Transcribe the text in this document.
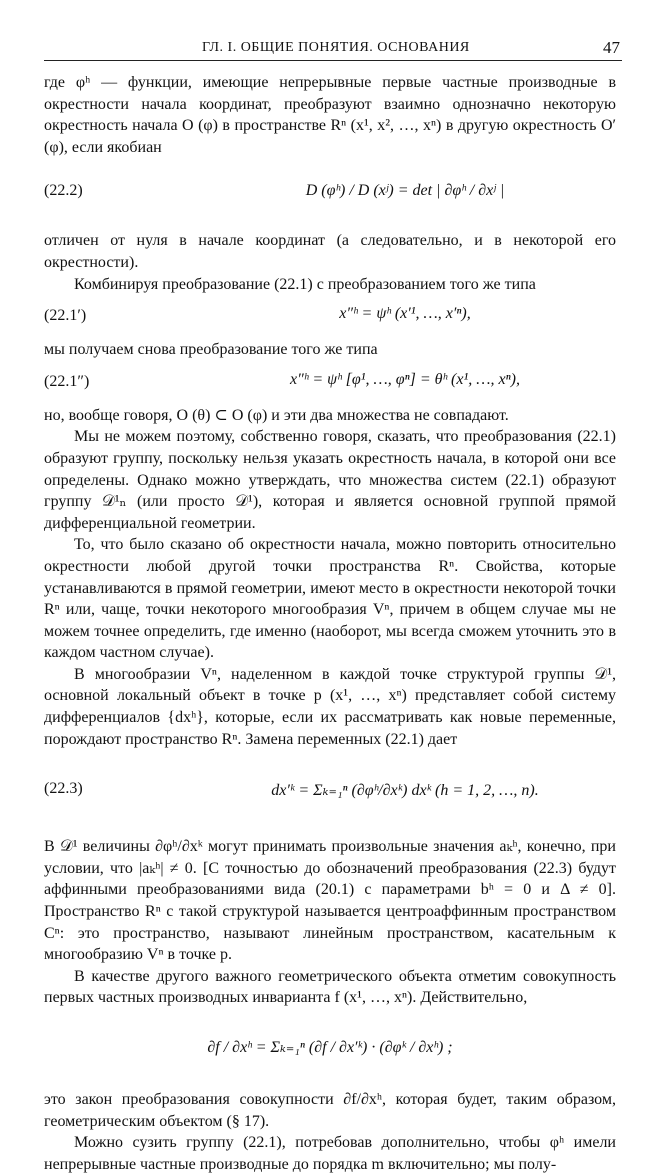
ГЛ. I. ОБЩИЕ ПОНЯТИЯ. ОСНОВАНИЯ	47

где φʰ — функции, имеющие непрерывные первые частные производные в окрестности начала координат, преобразуют взаимно однозначно некоторую окрестность начала O (φ) в пространстве Rⁿ (x¹, x², …, xⁿ) в другую окрестность O′ (φ), если якобиан

(22.2)	D (φʰ) / D (xʲ) = det | ∂φʰ / ∂xʲ |

отличен от нуля в начале координат (а следовательно, и в некоторой его окрестности).

Комбинируя преобразование (22.1) с преобразованием того же типа

(22.1′)	x″ʰ = ψʰ (x′¹, …, x′ⁿ),

мы получаем снова преобразование того же типа

(22.1″)	x″ʰ = ψʰ [φ¹, …, φⁿ] = θʰ (x¹, …, xⁿ),

но, вообще говоря, O (θ) ⊂ O (φ) и эти два множества не совпадают.

Мы не можем поэтому, собственно говоря, сказать, что преобразования (22.1) образуют группу, поскольку нельзя указать окрестность начала, в которой они все определены. Однако можно утверждать, что множества систем (22.1) образуют группу 𝒟¹ₙ (или просто 𝒟¹), которая и является основной группой прямой дифференциальной геометрии.

То, что было сказано об окрестности начала, можно повторить относительно окрестности любой другой точки пространства Rⁿ. Свойства, которые устанавливаются в прямой геометрии, имеют место в окрестности некоторой точки Rⁿ или, чаще, точки некоторого многообразия Vⁿ, причем в общем случае мы не можем точнее определить, где именно (наоборот, мы всегда сможем уточнить это в каждом частном случае).

В многообразии Vⁿ, наделенном в каждой точке структурой группы 𝒟¹, основной локальный объект в точке p (x¹, …, xⁿ) представляет собой систему дифференциалов {dxʰ}, которые, если их рассматривать как новые переменные, порождают пространство Rⁿ. Замена переменных (22.1) дает

(22.3)	dx′ᵏ = Σₖ₌₁ⁿ (∂φʰ/∂xᵏ) dxᵏ (h = 1, 2, …, n).

В 𝒟¹ величины ∂φʰ/∂xᵏ могут принимать произвольные значения aₖʰ, конечно, при условии, что |aₖʰ| ≠ 0. [С точностью до обозначений преобразования (22.3) будут аффинными преобразованиями вида (20.1) с параметрами bʰ = 0 и Δ ≠ 0]. Пространство Rⁿ с такой структурой называется центроаффинным пространством Cⁿ: это пространство, называют линейным пространством, касательным к многообразию Vⁿ в точке p.

В качестве другого важного геометрического объекта отметим совокупность первых частных производных инварианта f (x¹, …, xⁿ). Действительно,

∂f / ∂xʰ = Σₖ₌₁ⁿ (∂f / ∂x′ᵏ) · (∂φᵏ / ∂xʰ) ;

это закон преобразования совокупности ∂f/∂xʰ, которая будет, таким образом, геометрическим объектом (§ 17).

Можно сузить группу (22.1), потребовав дополнительно, чтобы φʰ имели непрерывные частные производные до порядка m включительно; мы полу-
